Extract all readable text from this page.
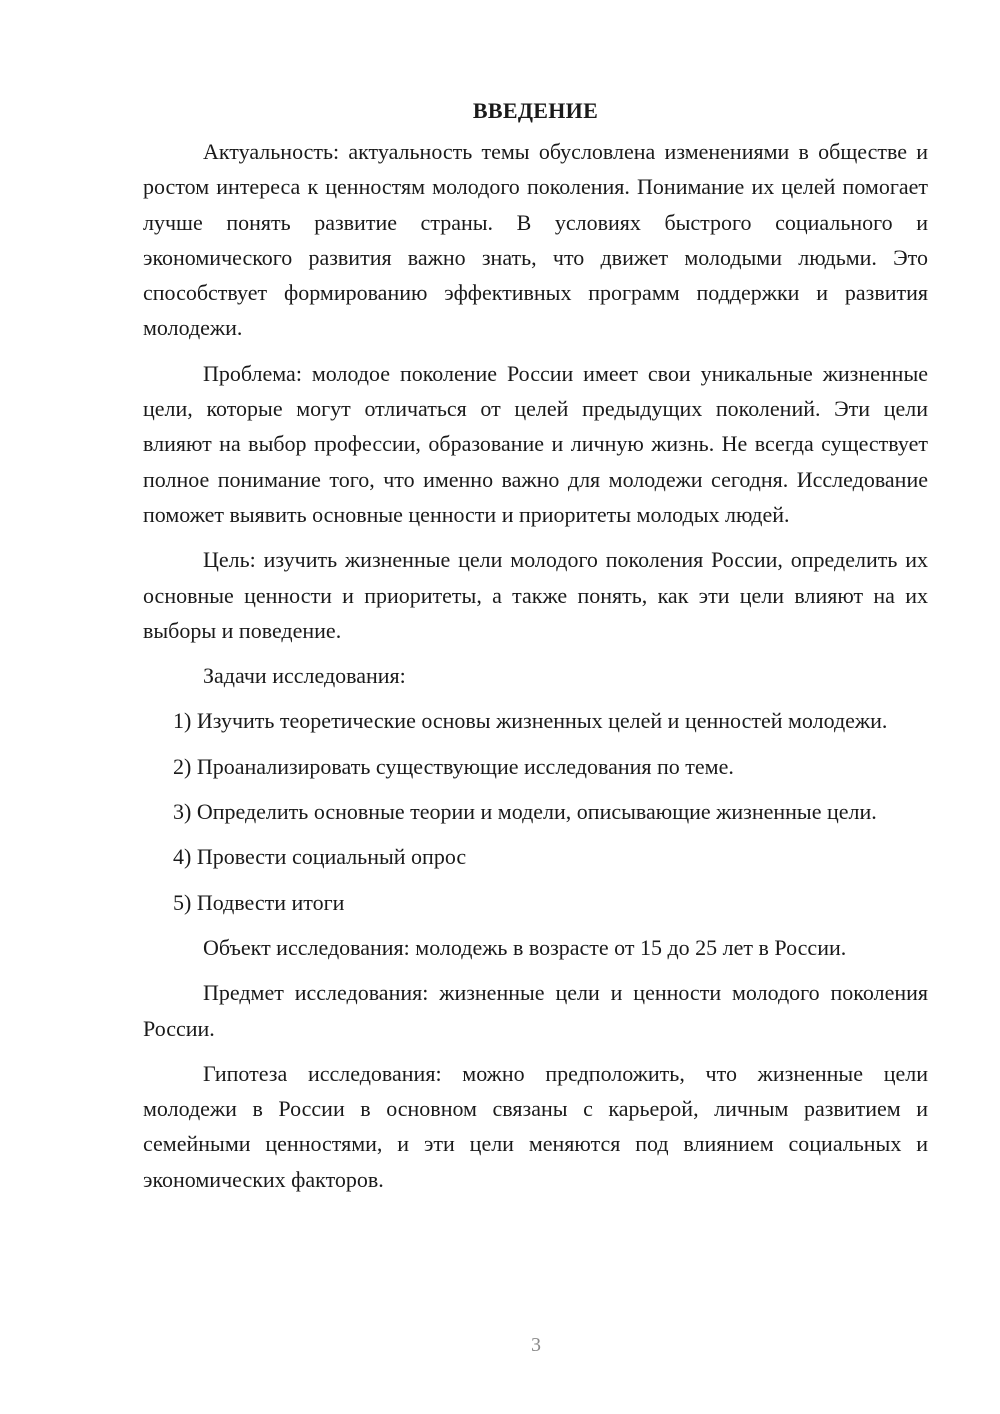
ВВЕДЕНИЕ

Актуальность: актуальность темы обусловлена изменениями в обществе и ростом интереса к ценностям молодого поколения. Понимание их целей помогает лучше понять развитие страны. В условиях быстрого социального и экономического развития важно знать, что движет молодыми людьми. Это способствует формированию эффективных программ поддержки и развития молодежи.

Проблема: молодое поколение России имеет свои уникальные жизненные цели, которые могут отличаться от целей предыдущих поколений. Эти цели влияют на выбор профессии, образование и личную жизнь. Не всегда существует полное понимание того, что именно важно для молодежи сегодня. Исследование поможет выявить основные ценности и приоритеты молодых людей.

Цель: изучить жизненные цели молодого поколения России, определить их основные ценности и приоритеты, а также понять, как эти цели влияют на их выборы и поведение.

Задачи исследования:

1) Изучить теоретические основы жизненных целей и ценностей молодежи.

2) Проанализировать существующие исследования по теме.

3) Определить основные теории и модели, описывающие жизненные цели.

4) Провести социальный опрос

5) Подвести итоги

Объект исследования: молодежь в возрасте от 15 до 25 лет в России.

Предмет исследования: жизненные цели и ценности молодого поколения России.

Гипотеза исследования: можно предположить, что жизненные цели молодежи в России в основном связаны с карьерой, личным развитием и семейными ценностями, и эти цели меняются под влиянием социальных и экономических факторов.

3
